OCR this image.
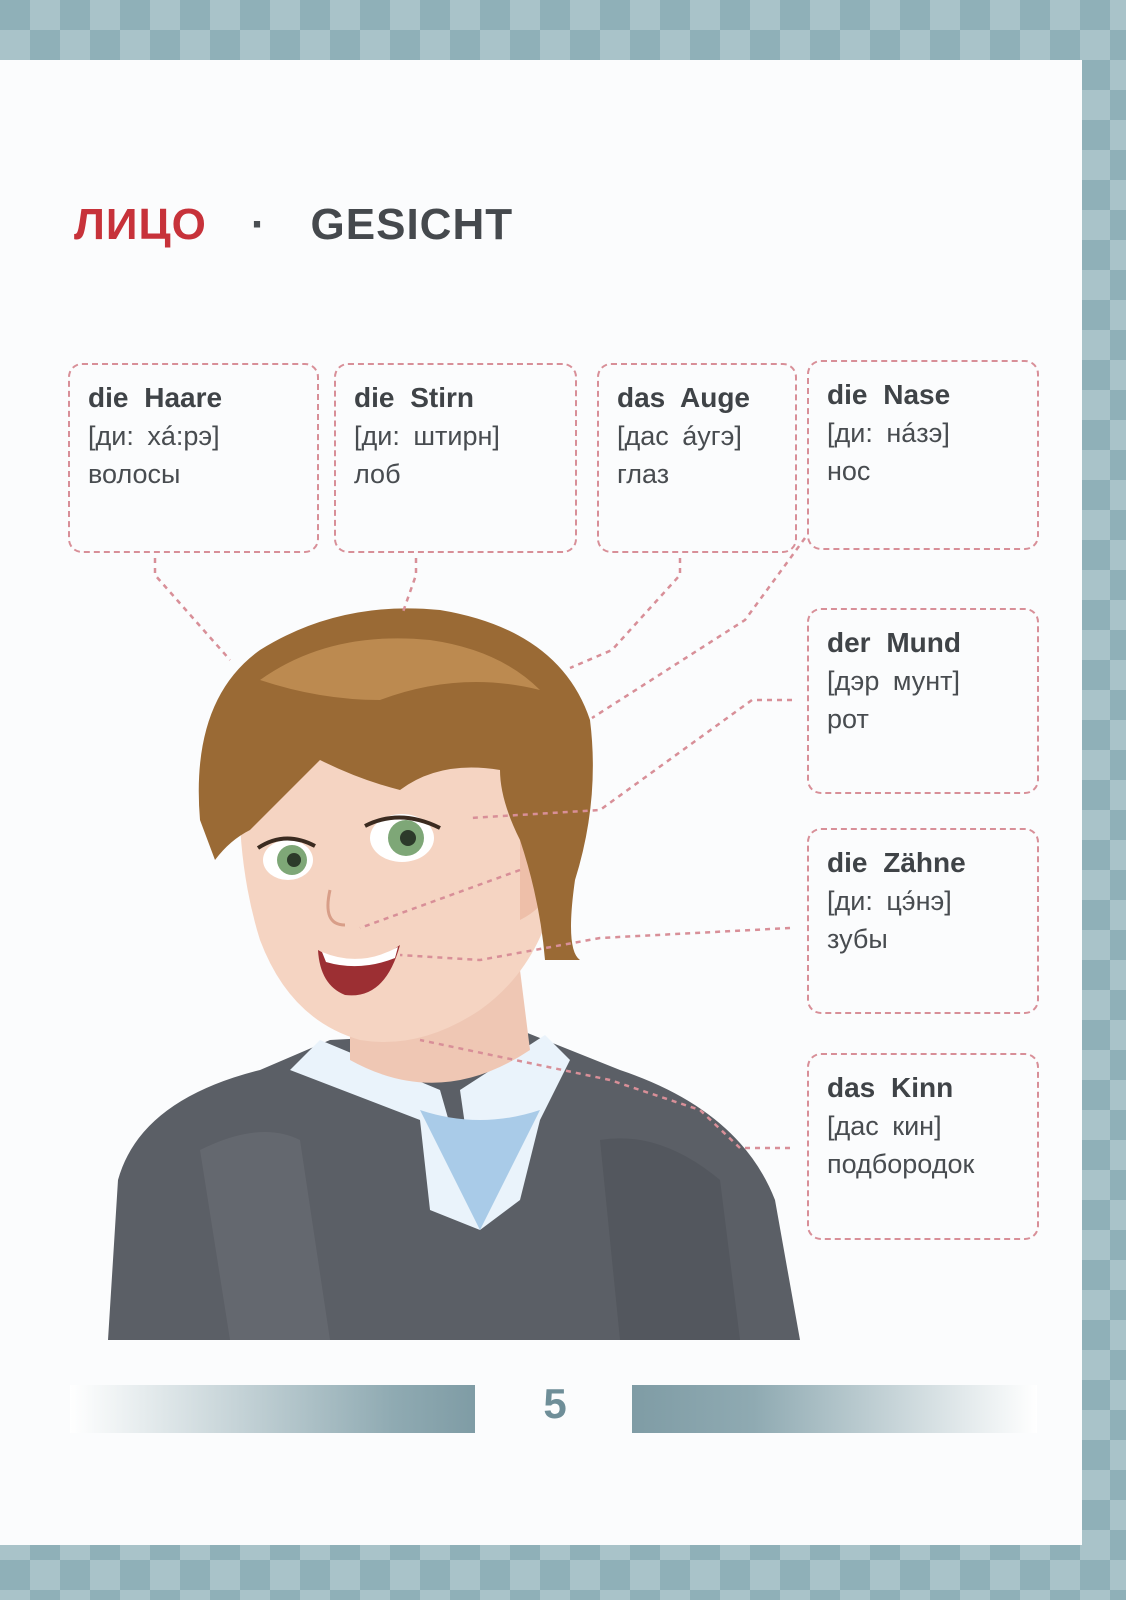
ЛИЦО · GESICHT
die Haare
[ди: xá:рэ]
волосы
die Stirn
[ди: штирн]
лоб
das Auge
[дас áугэ]
глаз
die Nase
[ди: нáзэ]
нос
der Mund
[дэр мунт]
рот
die Zähne
[ди: цэ́нэ]
зубы
das Kinn
[дас кин]
подбородок
5
